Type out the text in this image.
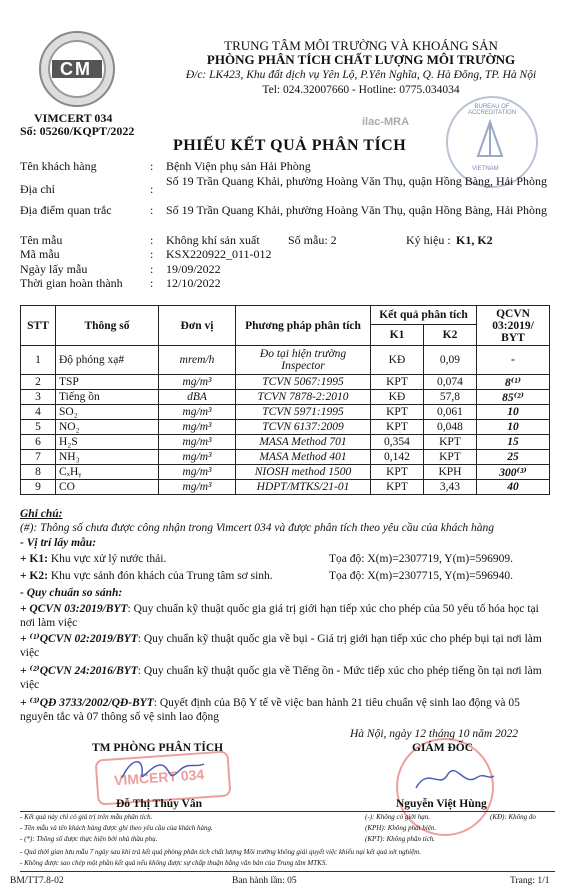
CM
VIMCERT 034
Số: 05260/KQPT/2022
TRUNG TÂM MÔI TRƯỜNG VÀ KHOÁNG SẢN
PHÒNG PHÂN TÍCH CHẤT LƯỢNG MÔI TRƯỜNG
Đ/c: LK423, Khu đất dịch vụ Yên Lộ, P.Yên Nghĩa, Q. Hà Đông, TP. Hà Nội
Tel: 024.32007660 - Hotline: 0775.034034
ilac-MRA
BUREAU OF ACCREDITATION
VIETNAM
PHIẾU KẾT QUẢ PHÂN TÍCH
Tên khách hàng	: Bệnh Viện phụ sản Hải Phòng
Địa chỉ	:
Số 19 Trần Quang Khải, phường Hoàng Văn Thụ, quận Hồng Bàng, Hải Phòng
Địa điểm quan trắc	: Số 19 Trần Quang Khải, phường Hoàng Văn Thụ, quận Hồng Bàng, Hải Phòng
Tên mẫu	: Không khí sản xuất	Số mẫu: 2	Ký hiệu : K1, K2
Mã mẫu	: KSX220922_011-012
Ngày lấy mẫu	: 19/09/2022
Thời gian hoàn thành	: 12/10/2022
STT	Thông số	Đơn vị	Phương pháp phân tích	Kết quả phân tích		QCVN 03:2019/ BYT
				K1	K2	
1	Độ phóng xạ#	mrem/h	Đo tại hiện trường Inspector	KĐ	0,09	-
2	TSP	mg/m³	TCVN 5067:1995	KPT	0,074	8⁽¹⁾
3	Tiếng ồn	dBA	TCVN 7878-2:2010	KĐ	57,8	85⁽²⁾
4	SO₂	mg/m³	TCVN 5971:1995	KPT	0,061	10
5	NO₂	mg/m³	TCVN 6137:2009	KPT	0,048	10
6	H₂S	mg/m³	MASA Method 701	0,354	KPT	15
7	NH₃	mg/m³	MASA Method 401	0,142	KPT	25
8	CₓHᵧ	mg/m³	NIOSH method 1500	KPT	KPH	300⁽³⁾
9	CO	mg/m³	HDPT/MTKS/21-01	KPT	3,43	40
Ghi chú:
(#): Thông số chưa được công nhận trong Vimcert 034 và được phân tích theo yêu cầu của khách hàng
- Vị trí lấy mẫu:
+ K1: Khu vực xử lý nước thải.	Tọa độ: X(m)=2307719, Y(m)=596909.
+ K2: Khu vực sảnh đón khách của Trung tâm sơ sinh.	Tọa độ: X(m)=2307715, Y(m)=596940.
- Quy chuẩn so sánh:
+ QCVN 03:2019/BYT: Quy chuẩn kỹ thuật quốc gia giá trị giới hạn tiếp xúc cho phép của 50 yếu tố hóa học tại nơi làm việc
+ ⁽¹⁾QCVN 02:2019/BYT: Quy chuẩn kỹ thuật quốc gia về bụi - Giá trị giới hạn tiếp xúc cho phép bụi tại nơi làm việc
+ ⁽²⁾QCVN 24:2016/BYT: Quy chuẩn kỹ thuật quốc gia về Tiếng ồn - Mức tiếp xúc cho phép tiếng ồn tại nơi làm việc
+ ⁽³⁾QĐ 3733/2002/QĐ-BYT: Quyết định của Bộ Y tế về việc ban hành 21 tiêu chuẩn vệ sinh lao động và 05 nguyên tắc và 07 thông số vệ sinh lao động
Hà Nội, ngày 12 tháng 10 năm 2022
TM PHÒNG PHÂN TÍCH
VIMCERT 034
Đỗ Thị Thúy Vân
GIÁM ĐỐC
Nguyễn Việt Hùng
- Kết quả này chỉ có giá trị trên mẫu phân tích.
- Tên mẫu và tên khách hàng được ghi theo yêu cầu của khách hàng.
- (*): Thông số được thực hiện bởi nhà thầu phụ.
- Quá thời gian lưu mẫu 7 ngày sau khi trả kết quả phòng phân tích chất lượng Môi trường không giải quyết việc khiếu nại kết quả xét nghiệm.
- Không được sao chép một phần kết quả nếu không được sự chấp thuận bằng văn bản của Trung tâm MTKS.
(-): Không có giới hạn.	(KĐ): Không đo
(KPH): Không phát hiện.
(KPT): Không phân tích.
BM/TT7.8-02	Ban hành lần: 05	Trang: 1/1
